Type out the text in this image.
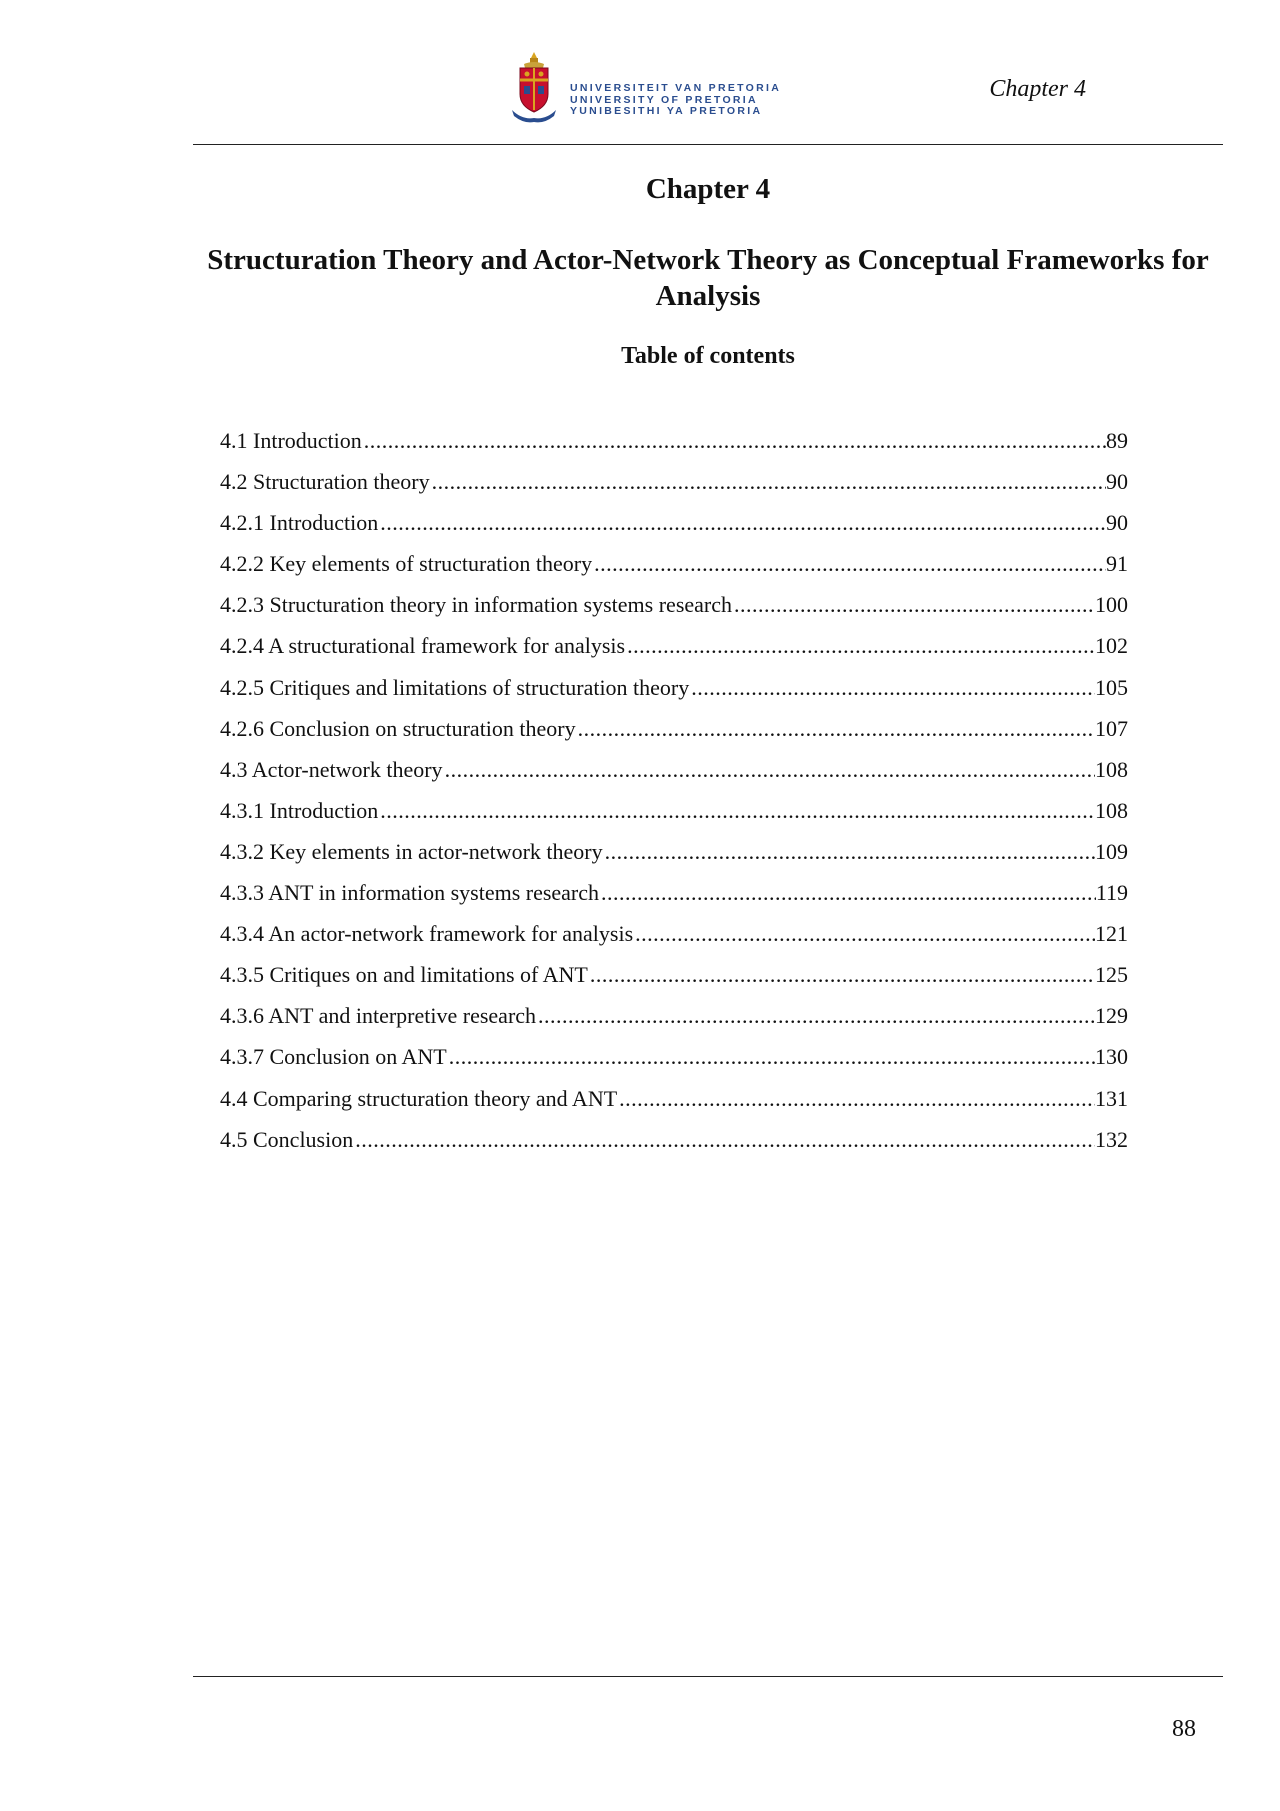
UNIVERSITEIT VAN PRETORIA
UNIVERSITY OF PRETORIA
YUNIBESITHI YA PRETORIA
Chapter 4
Chapter 4
Structuration Theory and Actor-Network Theory as Conceptual Frameworks for Analysis
Table of contents
4.1 Introduction .....	89
4.2 Structuration theory .....	90
4.2.1 Introduction .....	90
4.2.2 Key elements of structuration theory .....	91
4.2.3 Structuration theory in information systems research .....	100
4.2.4 A structurational framework for analysis .....	102
4.2.5 Critiques and limitations of structuration theory .....	105
4.2.6 Conclusion on structuration theory .....	107
4.3 Actor-network theory .....	108
4.3.1 Introduction .....	108
4.3.2 Key elements in actor-network theory .....	109
4.3.3 ANT in information systems research .....	119
4.3.4 An actor-network framework for analysis .....	121
4.3.5 Critiques on and limitations of ANT .....	125
4.3.6 ANT and interpretive research .....	129
4.3.7 Conclusion on ANT .....	130
4.4 Comparing structuration theory and ANT .....	131
4.5 Conclusion .....	132
88
